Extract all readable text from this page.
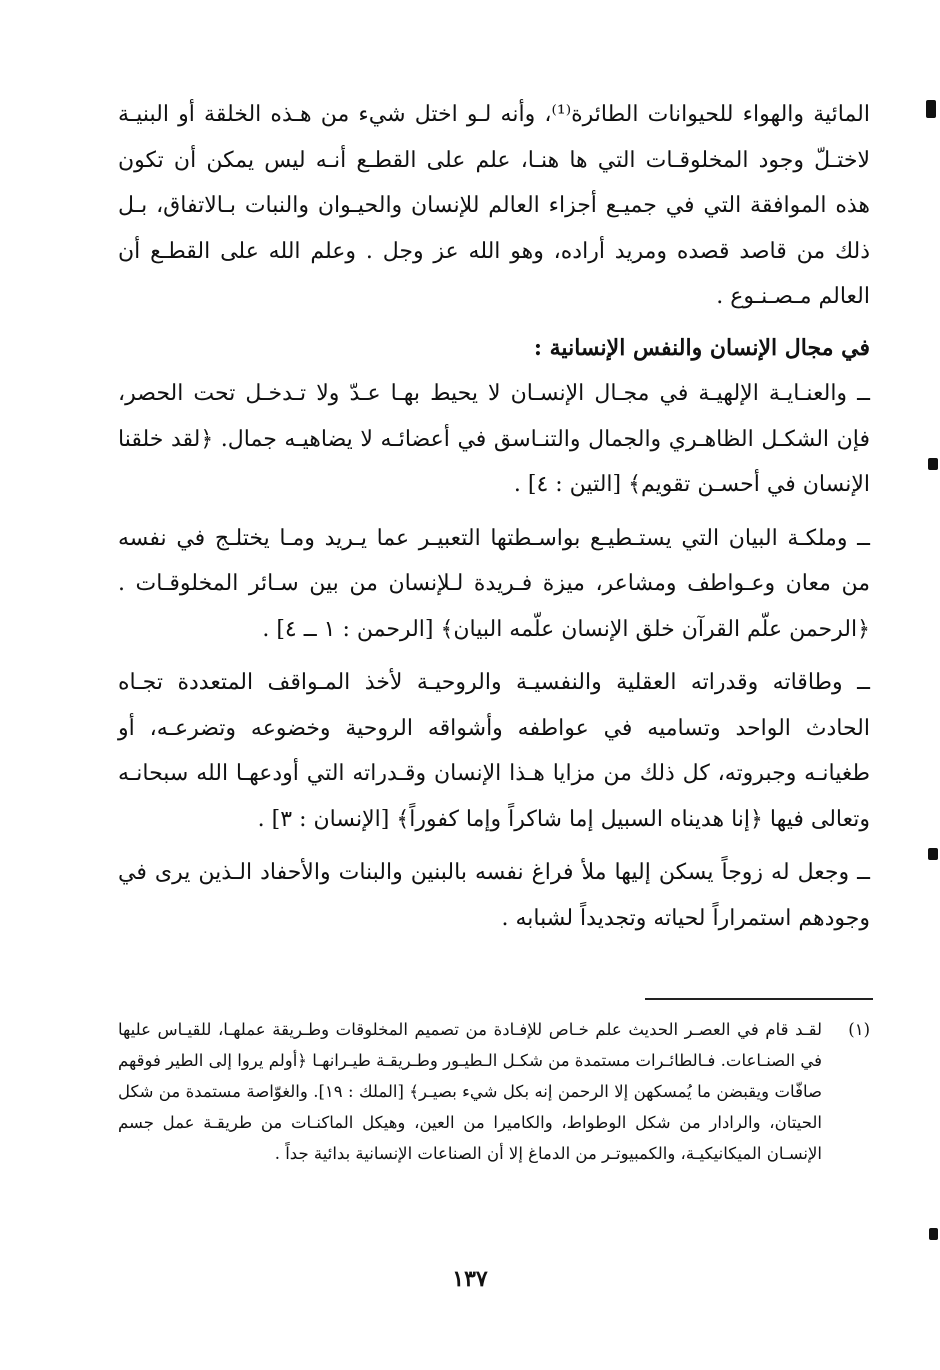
المائية والهواء للحيوانات الطائرة⁽¹⁾، وأنه لـو اختل شيء من هـذه الخلقة أو البنيـة لاختـلّ وجود المخلوقـات التي ها هنـا، علم على القطـع أنـه ليس يمكن أن تكون هذه الموافقة التي في جميـع أجزاء العالم للإنسان والحيـوان والنبات بـالاتفاق، بـل ذلك من قاصد قصده ومريد أراده، وهو الله عز وجل . وعلم الله على القطـع أن العالم مـصـنـوع .

في مجال الإنسان والنفس الإنسانية :

ــ والعنـايـة الإلهيـة في مجـال الإنسـان لا يحيط بهـا عـدّ ولا تـدخـل تحت الحصر، فإن الشكـل الظاهـري والجمال والتنـاسق في أعضائـه لا يضاهيـه جمال. ﴿لقد خلقنا الإنسان في أحسـن تقويم﴾ [التين : ٤] .

ــ وملكـة البيان التي يستـطيـع بواسـطتها التعبيـر عما يـريد ومـا يختلـج في نفسه من معان وعـواطف ومشاعر، ميزة فـريدة لـلإنسان من بين سـائر المخلوقـات . ﴿الرحمن علّم القرآن خلق الإنسان علّمه البيان﴾ [الرحمن : ١ ــ ٤] .

ــ وطاقاته وقدراته العقلية والنفسيـة والروحيـة لأخذ المـواقف المتعددة تجـاه الحادث الواحد وتساميه في عواطفه وأشواقه الروحية وخضوعه وتضرعـه، أو طغيانـه وجبروته، كل ذلك من مزايا هـذا الإنسان وقـدراته التي أودعهـا الله سبحانـه وتعالى فيها ﴿إنا هديناه السبيل إما شاكراً وإما كفوراً﴾ [الإنسان : ٣] .

ــ وجعل له زوجاً يسكن إليها ملأ فراغ نفسه بالبنين والبنات والأحفاد الـذين يرى في وجودهم استمراراً لحياته وتجديداً لشبابه .

(١)
لقـد قام في العصـر الحديث علم خـاص للإفـادة من تصميم المخلوقات وطـريقة عملهـا، للقيـاس عليها في الصنـاعات. فـالطائـرات مستمدة من شكـل الـطيـور وطـريقـة طيـرانهـا ﴿أولم يروا إلى الطير فوقهم صافّات ويقبضن ما يُمسكهن إلا الرحمن إنه بكل شيء بصيـر﴾ [الملك : ١٩]. والغوّاصة مستمدة من شكل الحيتان، والرادار من شكل الوطواط، والكاميرا من العين، وهيكل الماكنـات من طريقـة عمل جسم الإنسـان الميكانيكيـة، والكمبيوتـر من الدماغ إلا أن الصناعات الإنسانية بدائية جداً .
١٣٧
